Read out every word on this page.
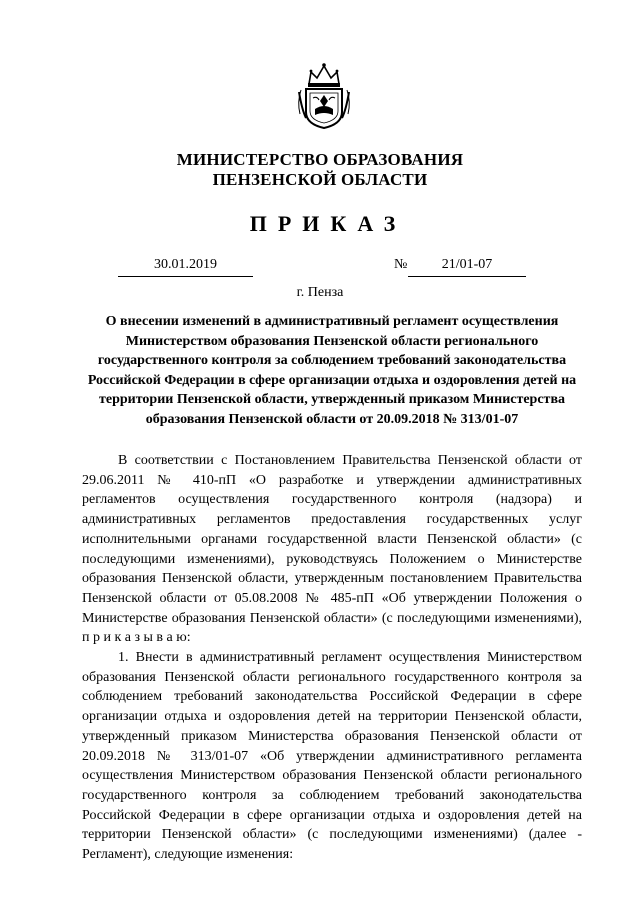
МИНИСТЕРСТВО ОБРАЗОВАНИЯ
ПЕНЗЕНСКОЙ ОБЛАСТИ
ПРИКАЗ
30.01.2019	№	21/01-07
г. Пенза
О внесении изменений в административный регламент осуществления Министерством образования Пензенской области регионального государственного контроля за соблюдением требований законодательства Российской Федерации в сфере организации отдыха и оздоровления детей на территории Пензенской области, утвержденный приказом Министерства образования Пензенской области от 20.09.2018 № 313/01-07

В соответствии с Постановлением Правительства Пензенской области от 29.06.2011 № 410-пП «О разработке и утверждении административных регламентов осуществления государственного контроля (надзора) и административных регламентов предоставления государственных услуг исполнительными органами государственной власти Пензенской области» (с последующими изменениями), руководствуясь Положением о Министерстве образования Пензенской области, утвержденным постановлением Правительства Пензенской области от 05.08.2008 № 485-пП «Об утверждении Положения о Министерстве образования Пензенской области» (с последующими изменениями), п р и к а з ы в а ю:

1. Внести в административный регламент осуществления Министерством образования Пензенской области регионального государственного контроля за соблюдением требований законодательства Российской Федерации в сфере организации отдыха и оздоровления детей на территории Пензенской области, утвержденный приказом Министерства образования Пензенской области от 20.09.2018 № 313/01-07 «Об утверждении административного регламента осуществления Министерством образования Пензенской области регионального государственного контроля за соблюдением требований законодательства Российской Федерации в сфере организации отдыха и оздоровления детей на территории Пензенской области» (с последующими изменениями) (далее - Регламент), следующие изменения:
